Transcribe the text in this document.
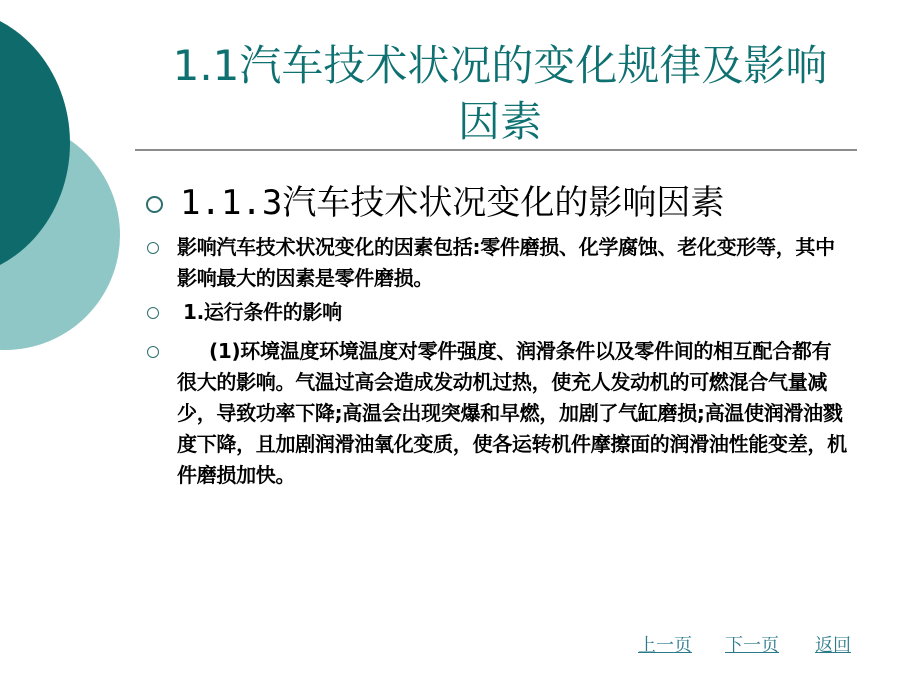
1.1汽车技术状况的变化规律及影响
因素
1.1.3汽车技术状况变化的影响因素
影响汽车技术状况变化的因素包括:零件磨损、化学腐蚀、老化变形等，其中影响最大的因素是零件磨损。
1.运行条件的影响
(1)环境温度环境温度对零件强度、润滑条件以及零件间的相互配合都有很大的影响。气温过高会造成发动机过热，使充人发动机的可燃混合气量减少，导致功率下降;高温会出现突爆和早燃，加剧了气缸磨损;高温使润滑油戮度下降，且加剧润滑油氧化变质，使各运转机件摩擦面的润滑油性能变差，机件磨损加快。
上一页 下一页 返回
